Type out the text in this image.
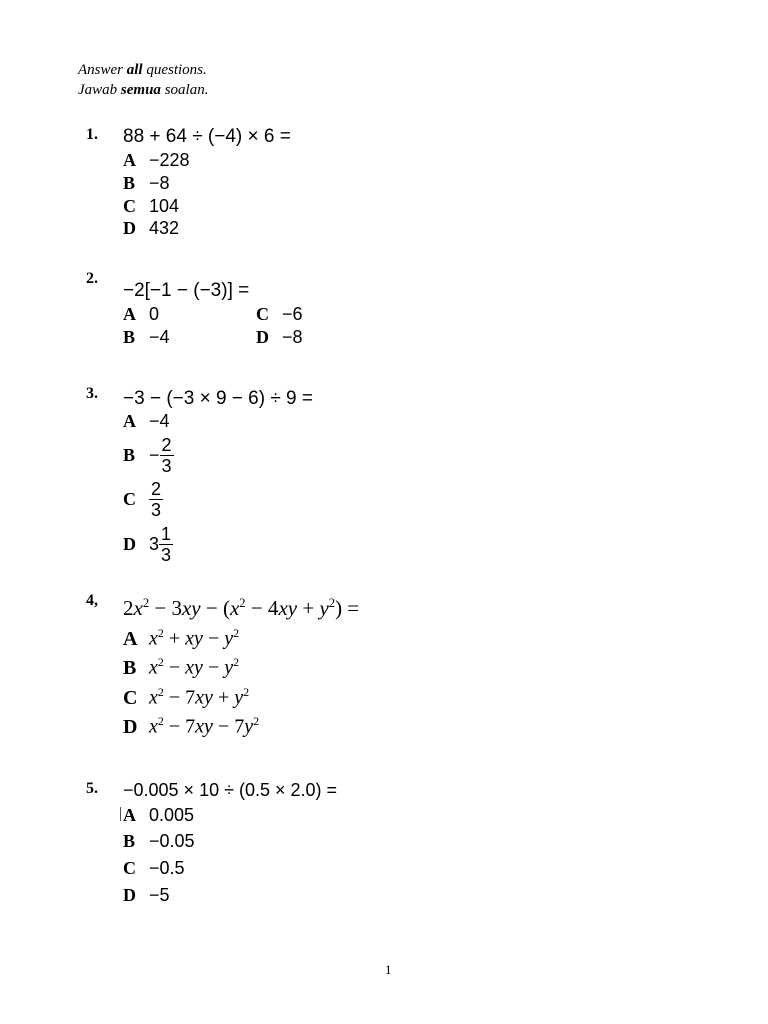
Answer all questions.
Jawab semua soalan.
1. 88 + 64 ÷ (−4) × 6 =
A −228
B −8
C 104
D 432
2.
−2[−1 − (−3)] =
A 0	C −6
B −4	D −8
3. −3 − (−3 × 9 − 6) ÷ 9 =
A −4
$B - \frac{2}{3}$
C $\frac{2}{3}$
D $3 \frac{1}{3}$
4, $2x^2 - 3xy - (x^2 - 4xy + y^2)$ =
A $x^2$ + xy − $y^2$
B $x^2$ − xy − $y^2$
C $x^2 - 7xy + y^2$
D $x^2 - 7xy - 7y^2$
5. −0.005 × 10 ÷ (0.5 × 2.0) =
A 0.005
B −0.05
C −0.5
D −5
1
